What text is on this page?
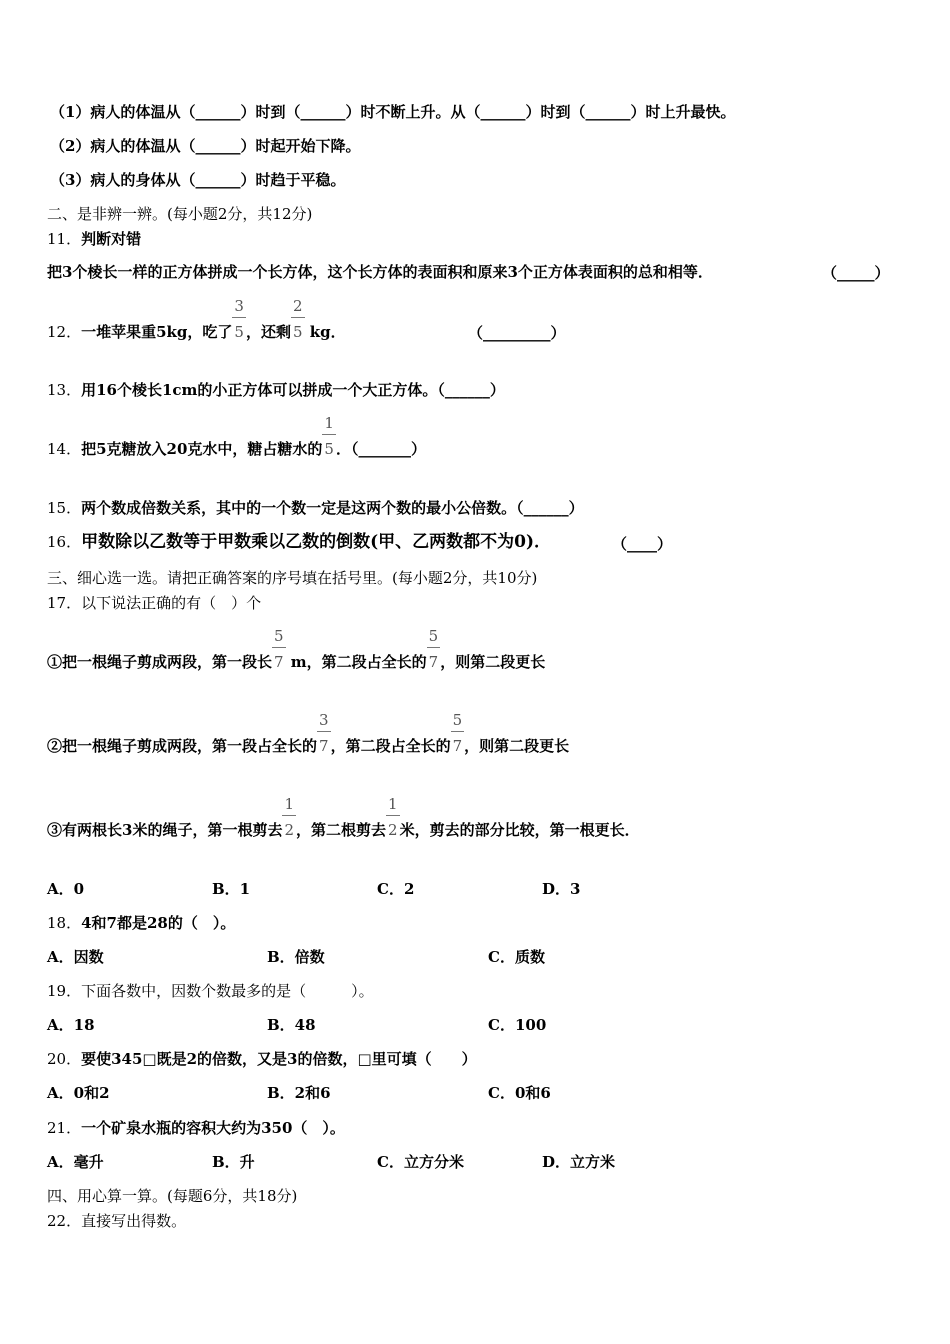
（1）病人的体温从（______）时到（______）时不断上升。从（______）时到（______）时上升最快。
（2）病人的体温从（______）时起开始下降。
（3）病人的身体从（______）时趋于平稳。
二、是非辨一辨。(每小题2分，共12分)
11．判断对错
把3个棱长一样的正方体拼成一个长方体，这个长方体的表面积和原来3个正方体表面积的总和相等．	（_____）
12．一堆苹果重5kg，吃了 $\frac{3}{5}$，还剩 $\frac{2}{5}$ kg．	（_________）
13．用16个棱长1cm的小正方体可以拼成一个大正方体。（______）
14．把5克糖放入20克水中，糖占糖水的 $\frac{1}{5}$．（_______）
15．两个数成倍数关系，其中的一个数一定是这两个数的最小公倍数。（______）
16．甲数除以乙数等于甲数乘以乙数的倒数(甲、乙两数都不为0)．	（____）
三、细心选一选。请把正确答案的序号填在括号里。(每小题2分，共10分)
17．以下说法正确的有（　）个
①把一根绳子剪成两段，第一段长 $\frac{5}{7}$ m，第二段占全长的 $\frac{5}{7}$，则第二段更长
②把一根绳子剪成两段，第一段占全长的 $\frac{3}{7}$，第二段占全长的 $\frac{5}{7}$，则第二段更长
③有两根长3米的绳子，第一根剪去 $\frac{1}{2}$，第二根剪去 $\frac{1}{2}$米，剪去的部分比较，第一根更长．
A．0	B．1	C．2	D．3
18．4和7都是28的（　）。
A．因数	B．倍数	C．质数
19．下面各数中，因数个数最多的是（　　　）。
A．18	B．48	C．100
20．要使345□既是2的倍数，又是3的倍数，□里可填（　　）
A．0和2	B．2和6	C．0和6
21．一个矿泉水瓶的容积大约为350（　）。
A．毫升	B．升	C．立方分米	D．立方米
四、用心算一算。(每题6分，共18分)
22．直接写出得数。
